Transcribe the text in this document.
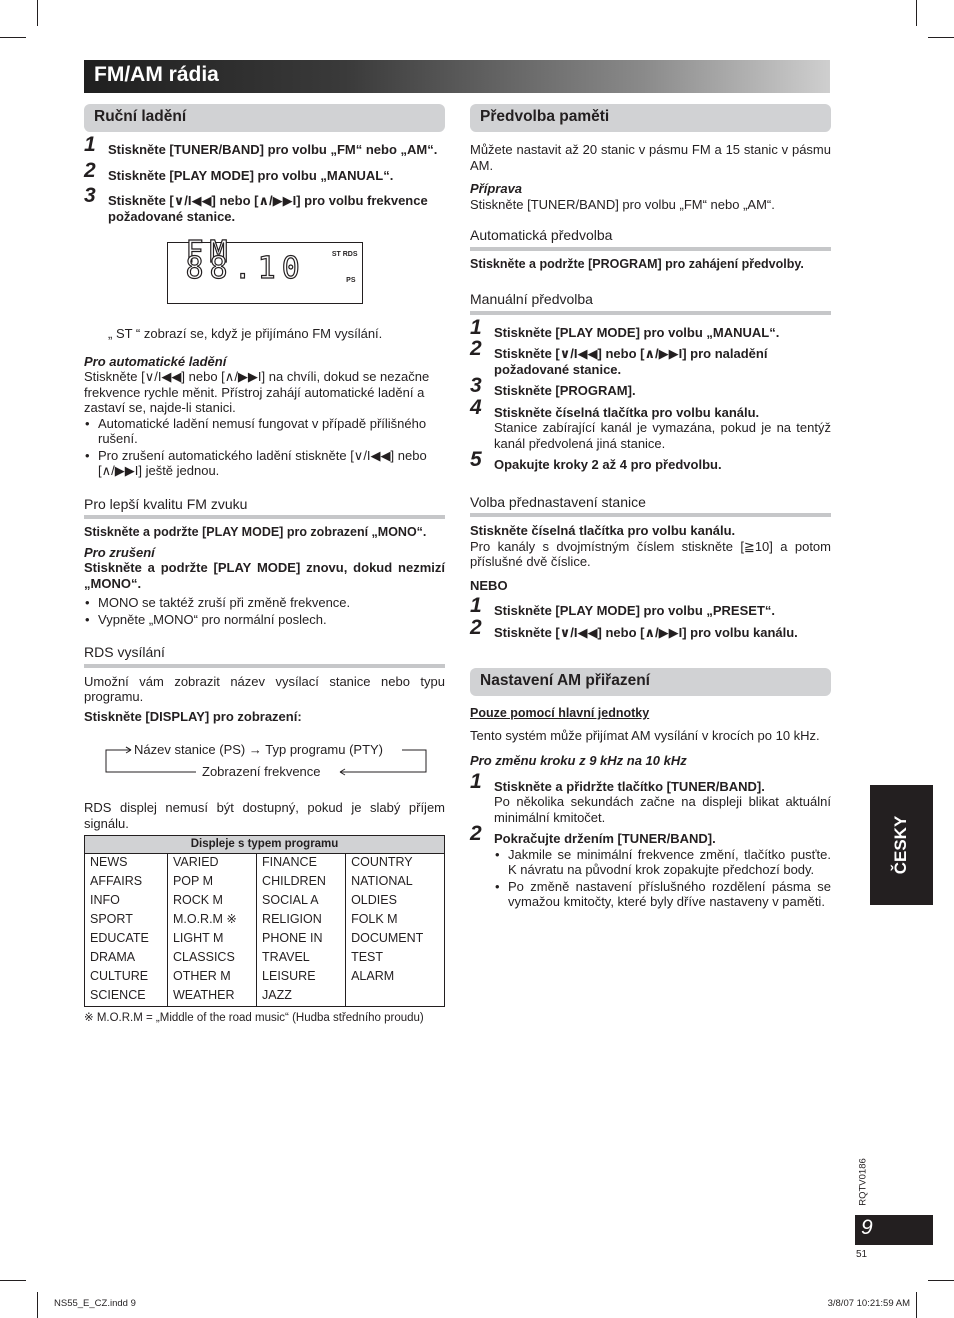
FM/AM rádia
Ruční ladění
1 Stiskněte [TUNER/BAND] pro volbu „FM“ nebo „AM“.
2 Stiskněte [PLAY MODE] pro volbu „MANUAL“.
3 Stiskněte [∨/I◀◀] nebo [∧/▶▶I] pro volbu frekvence požadované stanice.
FM 88.10	ST RDS
PS

„ ST “ zobrazí se, když je přijímáno FM vysílání.

Pro automatické ladění

Stiskněte [∨/I◀◀] nebo [∧/▶▶I] na chvíli, dokud se nezačne frekvence rychle měnit. Přístroj zahájí automatické ladění a zastaví se, najde-li stanici.

• Automatické ladění nemusí fungovat v případě přílišného rušení.
• Pro zrušení automatického ladění stiskněte [∨/I◀◀] nebo [∧/▶▶I] ještě jednou.
Pro lepší kvalitu FM zvuku

Stiskněte a podržte [PLAY MODE] pro zobrazení „MONO“.

Pro zrušení

Stiskněte a podržte [PLAY MODE] znovu, dokud nezmizí „MONO“.

• MONO se taktéž zruší při změně frekvence.
• Vypněte „MONO“ pro normální poslech.
RDS vysílání

Umožní vám zobrazit název vysílací stanice nebo typu programu.

Stiskněte [DISPLAY] pro zobrazení:

Název stanice (PS) → Typ programu (PTY)
Zobrazení frekvence

RDS displej nemusí být dostupný, pokud je slabý příjem signálu.

Displeje s typem programu			
NEWS	VARIED	FINANCE	COUNTRY
AFFAIRS	POP M	CHILDREN	NATIONAL
INFO	ROCK M	SOCIAL A	OLDIES
SPORT	M.O.R.M ※	RELIGION	FOLK M
EDUCATE	LIGHT M	PHONE IN	DOCUMENT
DRAMA	CLASSICS	TRAVEL	TEST
CULTURE	OTHER M	LEISURE	ALARM
SCIENCE	WEATHER	JAZZ	
※ M.O.R.M = „Middle of the road music“ (Hudba středního proudu)
Předvolba paměti

Můžete nastavit až 20 stanic v pásmu FM a 15 stanic v pásmu AM.

Příprava

Stiskněte [TUNER/BAND] pro volbu „FM“ nebo „AM“.

Automatická předvolba

Stiskněte a podržte [PROGRAM] pro zahájení předvolby.

Manuální předvolba
1 Stiskněte [PLAY MODE] pro volbu „MANUAL“.
2 Stiskněte [∨/I◀◀] nebo [∧/▶▶I] pro naladění požadované stanice.
3 Stiskněte [PROGRAM].
4 Stiskněte číselná tlačítka pro volbu kanálu.
Stanice zabírající kanál je vymazána, pokud je na tentýž kanál předvolená jiná stanice.
5 Opakujte kroky 2 až 4 pro předvolbu.
Volba přednastavení stanice

Stiskněte číselná tlačítka pro volbu kanálu.

Pro kanály s dvojmístným číslem stiskněte [≧10] a potom příslušné dvě číslice.

NEBO

1 Stiskněte [PLAY MODE] pro volbu „PRESET“.
2 Stiskněte [∨/I◀◀] nebo [∧/▶▶I] pro volbu kanálu.
Nastavení AM přiřazení

Pouze pomocí hlavní jednotky

Tento systém může přijímat AM vysílání v krocích po 10 kHz.

Pro změnu kroku z 9 kHz na 10 kHz

1 Stiskněte a přidržte tlačítko [TUNER/BAND].
Po několika sekundách začne na displeji blikat aktuální minimální kmitočet.
2 Pokračujte držením [TUNER/BAND].
• Jakmile se minimální frekvence změní, tlačítko pusťte. K návratu na původní krok zopakujte předchozí body.
• Po změně nastavení příslušného rozdělení pásma se vymažou kmitočty, které byly dříve nastaveny v paměti.
ČESKY
RQTV0186
9
51
NS55_E_CZ.indd 9	3/8/07 10:21:59 AM
